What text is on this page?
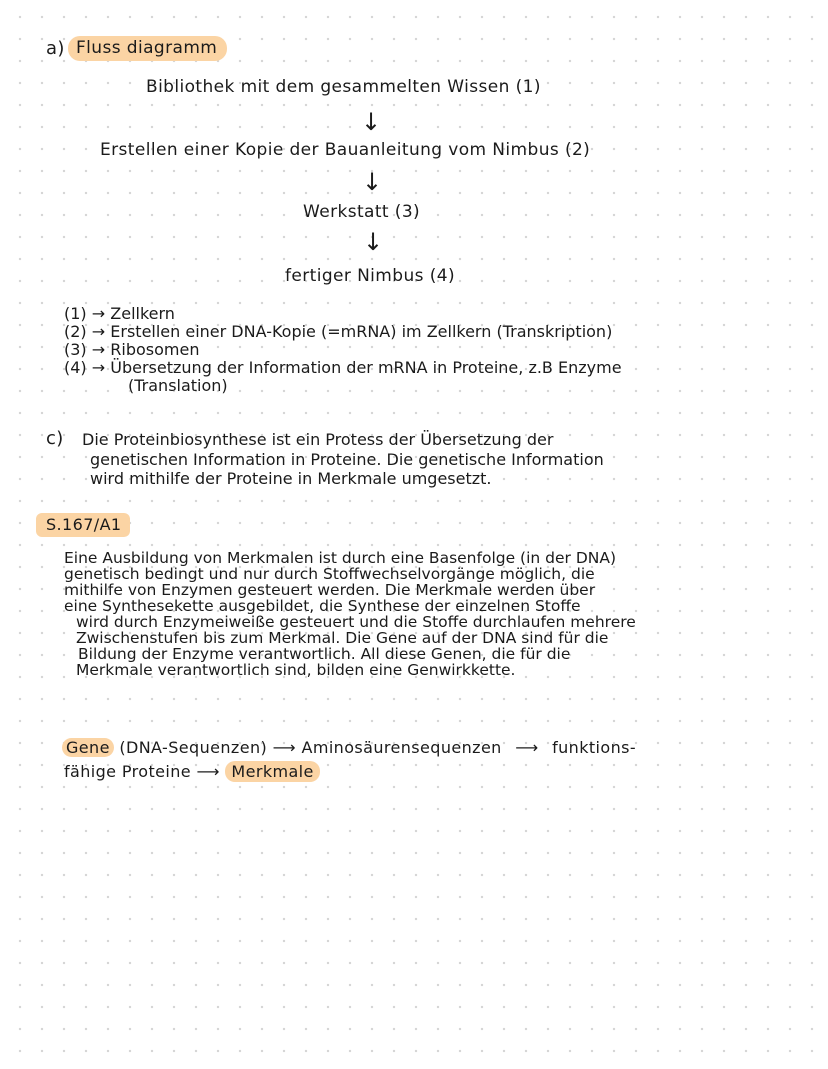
a) Fluss diagramm
Bibliothek mit dem gesammelten Wissen (1)
↓
Erstellen einer Kopie der Bauanleitung vom Nimbus (2)
↓
Werkstatt (3)
↓
fertiger Nimbus (4)
(1) → Zellkern
(2) → Erstellen einer DNA-Kopie (=mRNA) im Zellkern (Transkription)
(3) → Ribosomen
(4) → Übersetzung der Information der mRNA in Proteine, z.B Enzyme
(Translation)
c) Die Proteinbiosynthese ist ein Protess der Übersetzung der

genetischen Information in Proteine. Die genetische Information

wird mithilfe der Proteine in Merkmale umgesetzt.

S.167/A1

Eine Ausbildung von Merkmalen ist durch eine Basenfolge (in der DNA)

genetisch bedingt und nur durch Stoffwechselvorgänge möglich, die

mithilfe von Enzymen gesteuert werden. Die Merkmale werden über

eine Synthesekette ausgebildet, die Synthese der einzelnen Stoffe

wird durch Enzymeiweiße gesteuert und die Stoffe durchlaufen mehrere

Zwischenstufen bis zum Merkmal. Die Gene auf der DNA sind für die

Bildung der Enzyme verantwortlich. All diese Genen, die für die

Merkmale verantwortlich sind, bilden eine Genwirkkette.

Gene (DNA-Sequenzen) ⟶ Aminosäurensequenzen ⟶ funktions-
fähige Proteine ⟶ Merkmale
